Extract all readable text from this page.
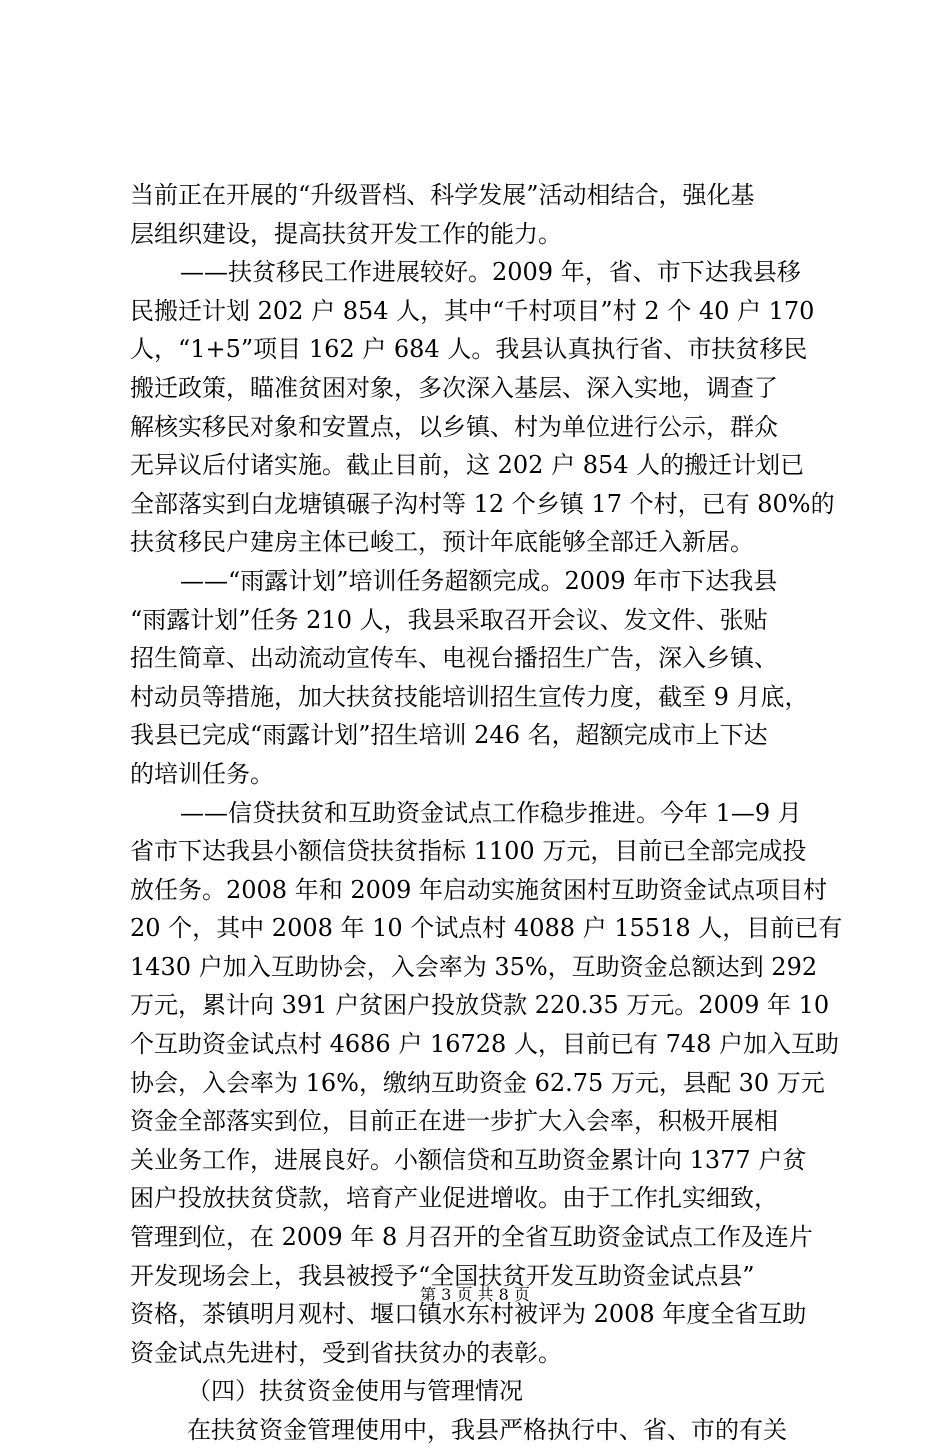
当前正在开展的“升级晋档、科学发展”活动相结合，强化基
层组织建设，提高扶贫开发工作的能力。
——扶贫移民工作进展较好。2009 年，省、市下达我县移
民搬迁计划 202 户 854 人，其中“千村项目”村 2 个 40 户 170
人，“1+5”项目 162 户 684 人。我县认真执行省、市扶贫移民
搬迁政策，瞄准贫困对象，多次深入基层、深入实地，调查了
解核实移民对象和安置点，以乡镇、村为单位进行公示，群众
无异议后付诸实施。截止目前，这 202 户 854 人的搬迁计划已
全部落实到白龙塘镇碾子沟村等 12 个乡镇 17 个村，已有 80%的
扶贫移民户建房主体已峻工，预计年底能够全部迁入新居。
——“雨露计划”培训任务超额完成。2009 年市下达我县
“雨露计划”任务 210 人，我县采取召开会议、发文件、张贴
招生简章、出动流动宣传车、电视台播招生广告，深入乡镇、
村动员等措施，加大扶贫技能培训招生宣传力度，截至 9 月底，
我县已完成“雨露计划”招生培训 246 名，超额完成市上下达
的培训任务。
——信贷扶贫和互助资金试点工作稳步推进。今年 1—9 月
省市下达我县小额信贷扶贫指标 1100 万元，目前已全部完成投
放任务。2008 年和 2009 年启动实施贫困村互助资金试点项目村
20 个，其中 2008 年 10 个试点村 4088 户 15518 人，目前已有
1430 户加入互助协会，入会率为 35%，互助资金总额达到 292
万元，累计向 391 户贫困户投放贷款 220.35 万元。2009 年 10
个互助资金试点村 4686 户 16728 人，目前已有 748 户加入互助
协会，入会率为 16%，缴纳互助资金 62.75 万元，县配 30 万元
资金全部落实到位，目前正在进一步扩大入会率，积极开展相
关业务工作，进展良好。小额信贷和互助资金累计向 1377 户贫
困户投放扶贫贷款，培育产业促进增收。由于工作扎实细致，
管理到位，在 2009 年 8 月召开的全省互助资金试点工作及连片
开发现场会上，我县被授予“全国扶贫开发互助资金试点县”
资格，茶镇明月观村、堰口镇水东村被评为 2008 年度全省互助
资金试点先进村，受到省扶贫办的表彰。
（四）扶贫资金使用与管理情况
在扶贫资金管理使用中，我县严格执行中、省、市的有关
第 3 页 共 8 页
